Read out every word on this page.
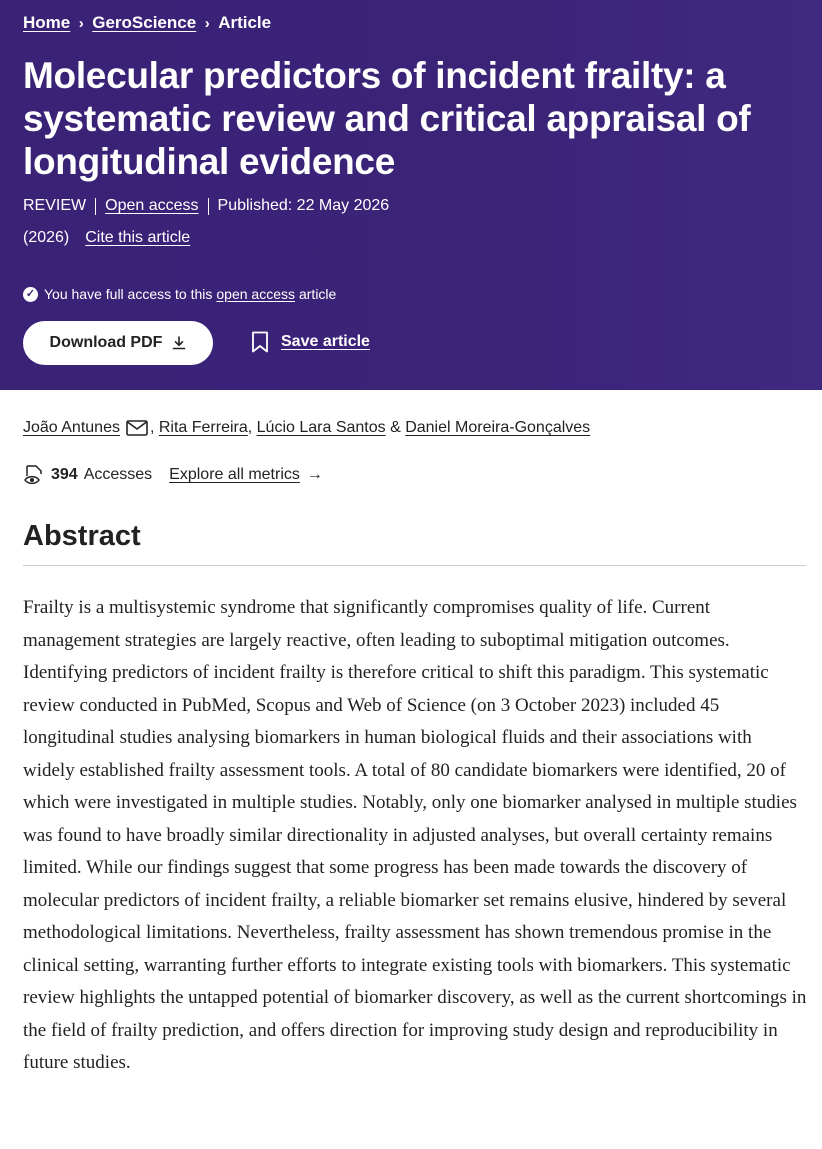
Home › GeroScience › Article
Molecular predictors of incident frailty: a systematic review and critical appraisal of longitudinal evidence
REVIEW Open access Published: 22 May 2026
(2026) Cite this article
✓ You have full access to this open access article
Download PDF	Save article
João Antunes , Rita Ferreira , Lúcio Lara Santos & Daniel Moreira-Gonçalves
394 Accesses Explore all metrics →
Abstract

Frailty is a multisystemic syndrome that significantly compromises quality of life. Current management strategies are largely reactive, often leading to suboptimal mitigation outcomes. Identifying predictors of incident frailty is therefore critical to shift this paradigm. This systematic review conducted in PubMed, Scopus and Web of Science (on 3 October 2023) included 45 longitudinal studies analysing biomarkers in human biological fluids and their associations with widely established frailty assessment tools. A total of 80 candidate biomarkers were identified, 20 of which were investigated in multiple studies. Notably, only one biomarker analysed in multiple studies was found to have broadly similar directionality in adjusted analyses, but overall certainty remains limited. While our findings suggest that some progress has been made towards the discovery of molecular predictors of incident frailty, a reliable biomarker set remains elusive, hindered by several methodological limitations. Nevertheless, frailty assessment has shown tremendous promise in the clinical setting, warranting further efforts to integrate existing tools with biomarkers. This systematic review highlights the untapped potential of biomarker discovery, as well as the current shortcomings in the field of frailty prediction, and offers direction for improving study design and reproducibility in future studies.
